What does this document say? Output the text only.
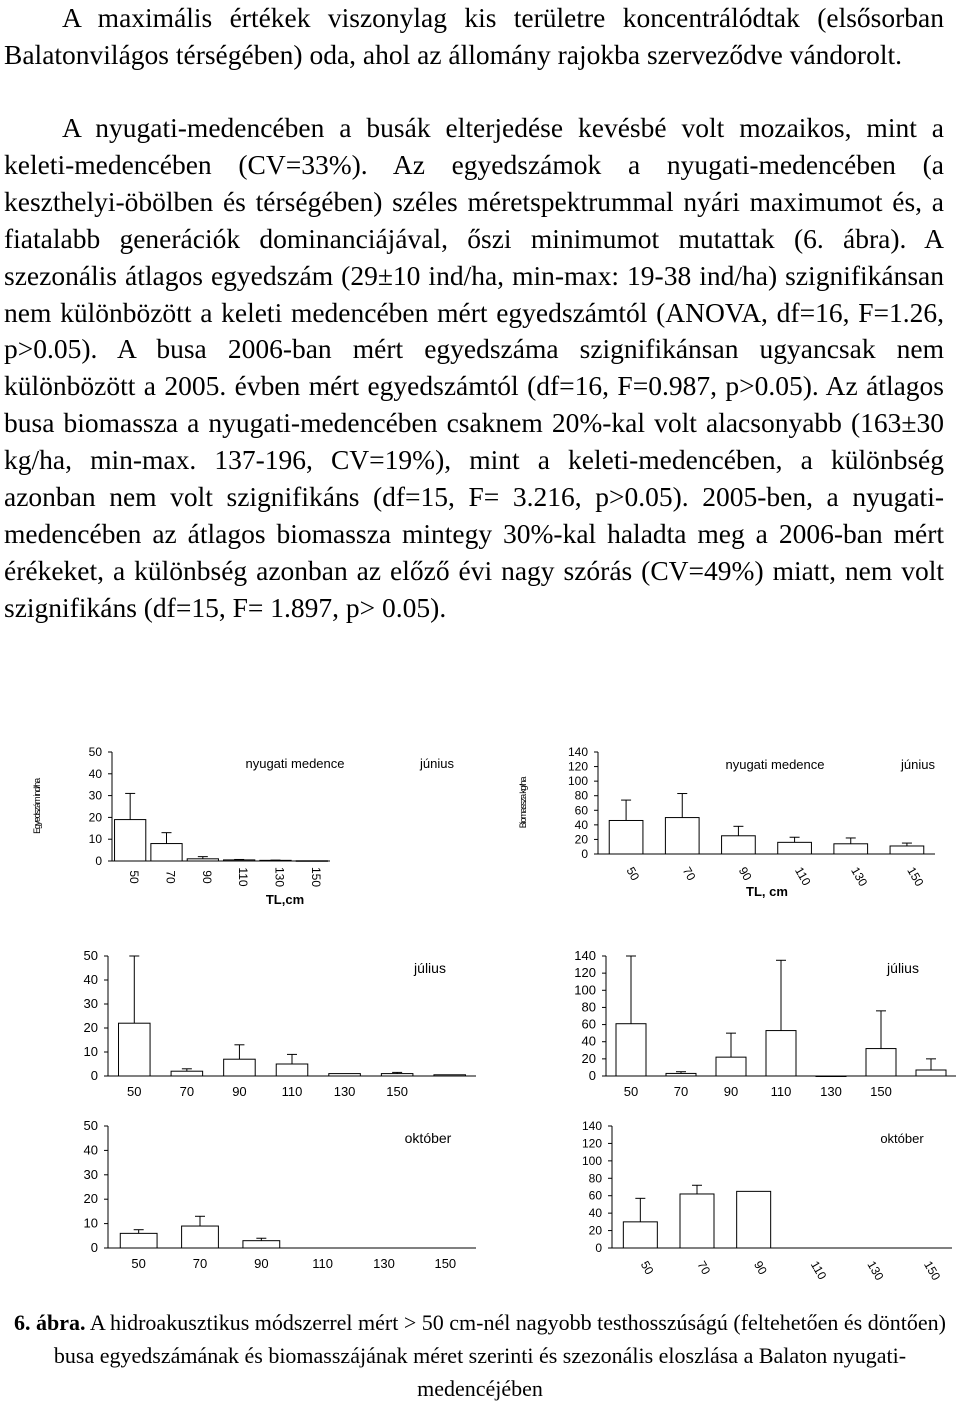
A maximális értékek viszonylag kis területre koncentrálódtak (elsősorban Balatonvilágos térségében) oda, ahol az állomány rajokba szerveződve vándorolt.

A nyugati-medencében a busák elterjedése kevésbé volt mozaikos, mint a keleti-medencében (CV=33%). Az egyedszámok a nyugati-medencében (a keszthelyi-öbölben és térségében) széles méretspektrummal nyári maximumot és, a fiatalabb generációk dominanciájával, őszi minimumot mutattak (6. ábra). A szezonális átlagos egyedszám (29±10 ind/ha, min-max: 19-38 ind/ha) szignifikánsan nem különbözött a keleti medencében mért egyedszámtól (ANOVA, df=16, F=1.26, p>0.05). A busa 2006-ban mért egyedszáma szignifikánsan ugyancsak nem különbözött a 2005. évben mért egyedszámtól (df=16, F=0.987, p>0.05). Az átlagos busa biomassza a nyugati-medencében csaknem 20%-kal volt alacsonyabb (163±30 kg/ha, min-max. 137-196, CV=19%), mint a keleti-medencében, a különbség azonban nem volt szignifikáns (df=15, F= 3.216, p>0.05). 2005-ben, a nyugati-medencében az átlagos biomassza mintegy 30%-kal haladta meg a 2006-ban mért érékeket, a különbség azonban az előző évi nagy szórás (CV=49%) miatt, nem volt szignifikáns (df=15, F= 1.897, p> 0.05).

0
10
20
30
40
50
50 70 90 110 130 150
nyugati medence	június
TL,cm
Egyedszám ind/ha
0
20
40
60
80
100
120
140
50	70	90	110	130	150
nyugati medence	június
TL, cm
Biomassza kg/ha
0
10
20
30
40
50
50	70	90	110 130 150
július
0
20
40
60
80
100
120
140
50	70	90 110 130 150
július
0
10
20
30
40
50
50	70	90	110	130	150
október
0
20
40
60
80
100
120
140
50	70	90	110	130	150
október

6. ábra. A hidroakusztikus módszerrel mért > 50 cm-nél nagyobb testhosszúságú (feltehetően és döntően) busa egyedszámának és biomasszájának méret szerinti és szezonális eloszlása a Balaton nyugati-medencéjében
